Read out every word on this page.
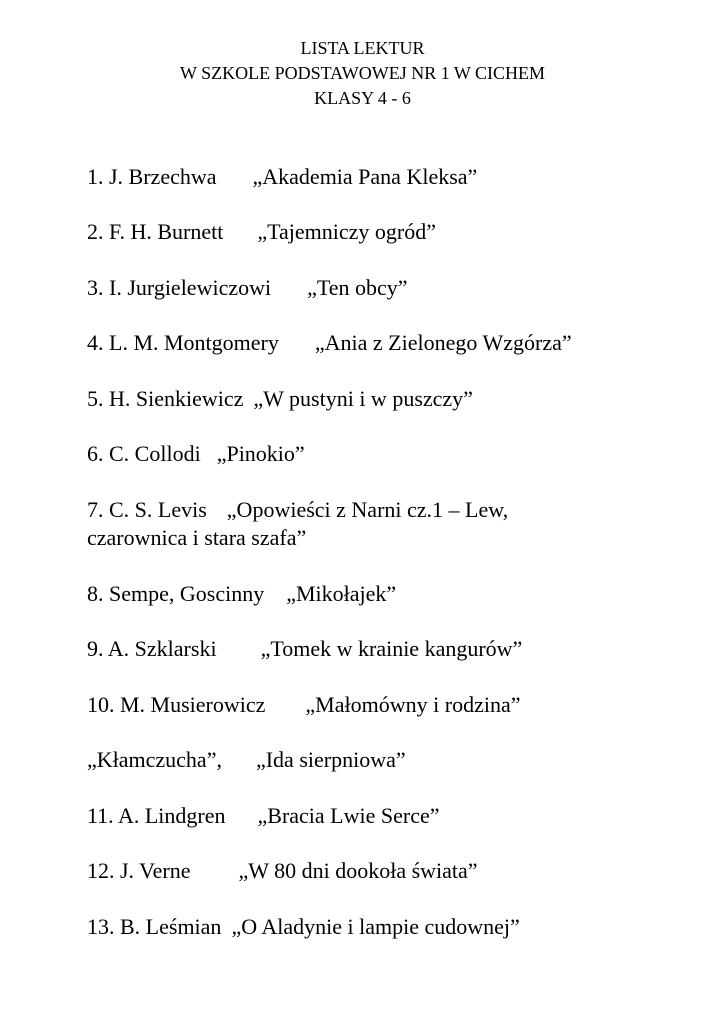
LISTA LEKTUR
W SZKOLE PODSTAWOWEJ NR 1 W CICHEM
KLASY 4 - 6
1. J. Brzechwa „Akademia Pana Kleksa”
2. F. H. Burnett „Tajemniczy ogród”
3. I. Jurgielewiczowi „Ten obcy”
4. L. M. Montgomery „Ania z Zielonego Wzgórza”
5. H. Sienkiewicz „W pustyni i w puszczy”
6. C. Collodi „Pinokio”
7. C. S. Levis „Opowieści z Narni cz.1 – Lew,
czarownica i stara szafa”
8. Sempe, Goscinny „Mikołajek”
9. A. Szklarski „Tomek w krainie kangurów”
10. M. Musierowicz „Małomówny i rodzina”
„Kłamczucha”, „Ida sierpniowa”
11. A. Lindgren „Bracia Lwie Serce”
12. J. Verne „W 80 dni dookoła świata”
13. B. Leśmian „O Aladynie i lampie cudownej”
